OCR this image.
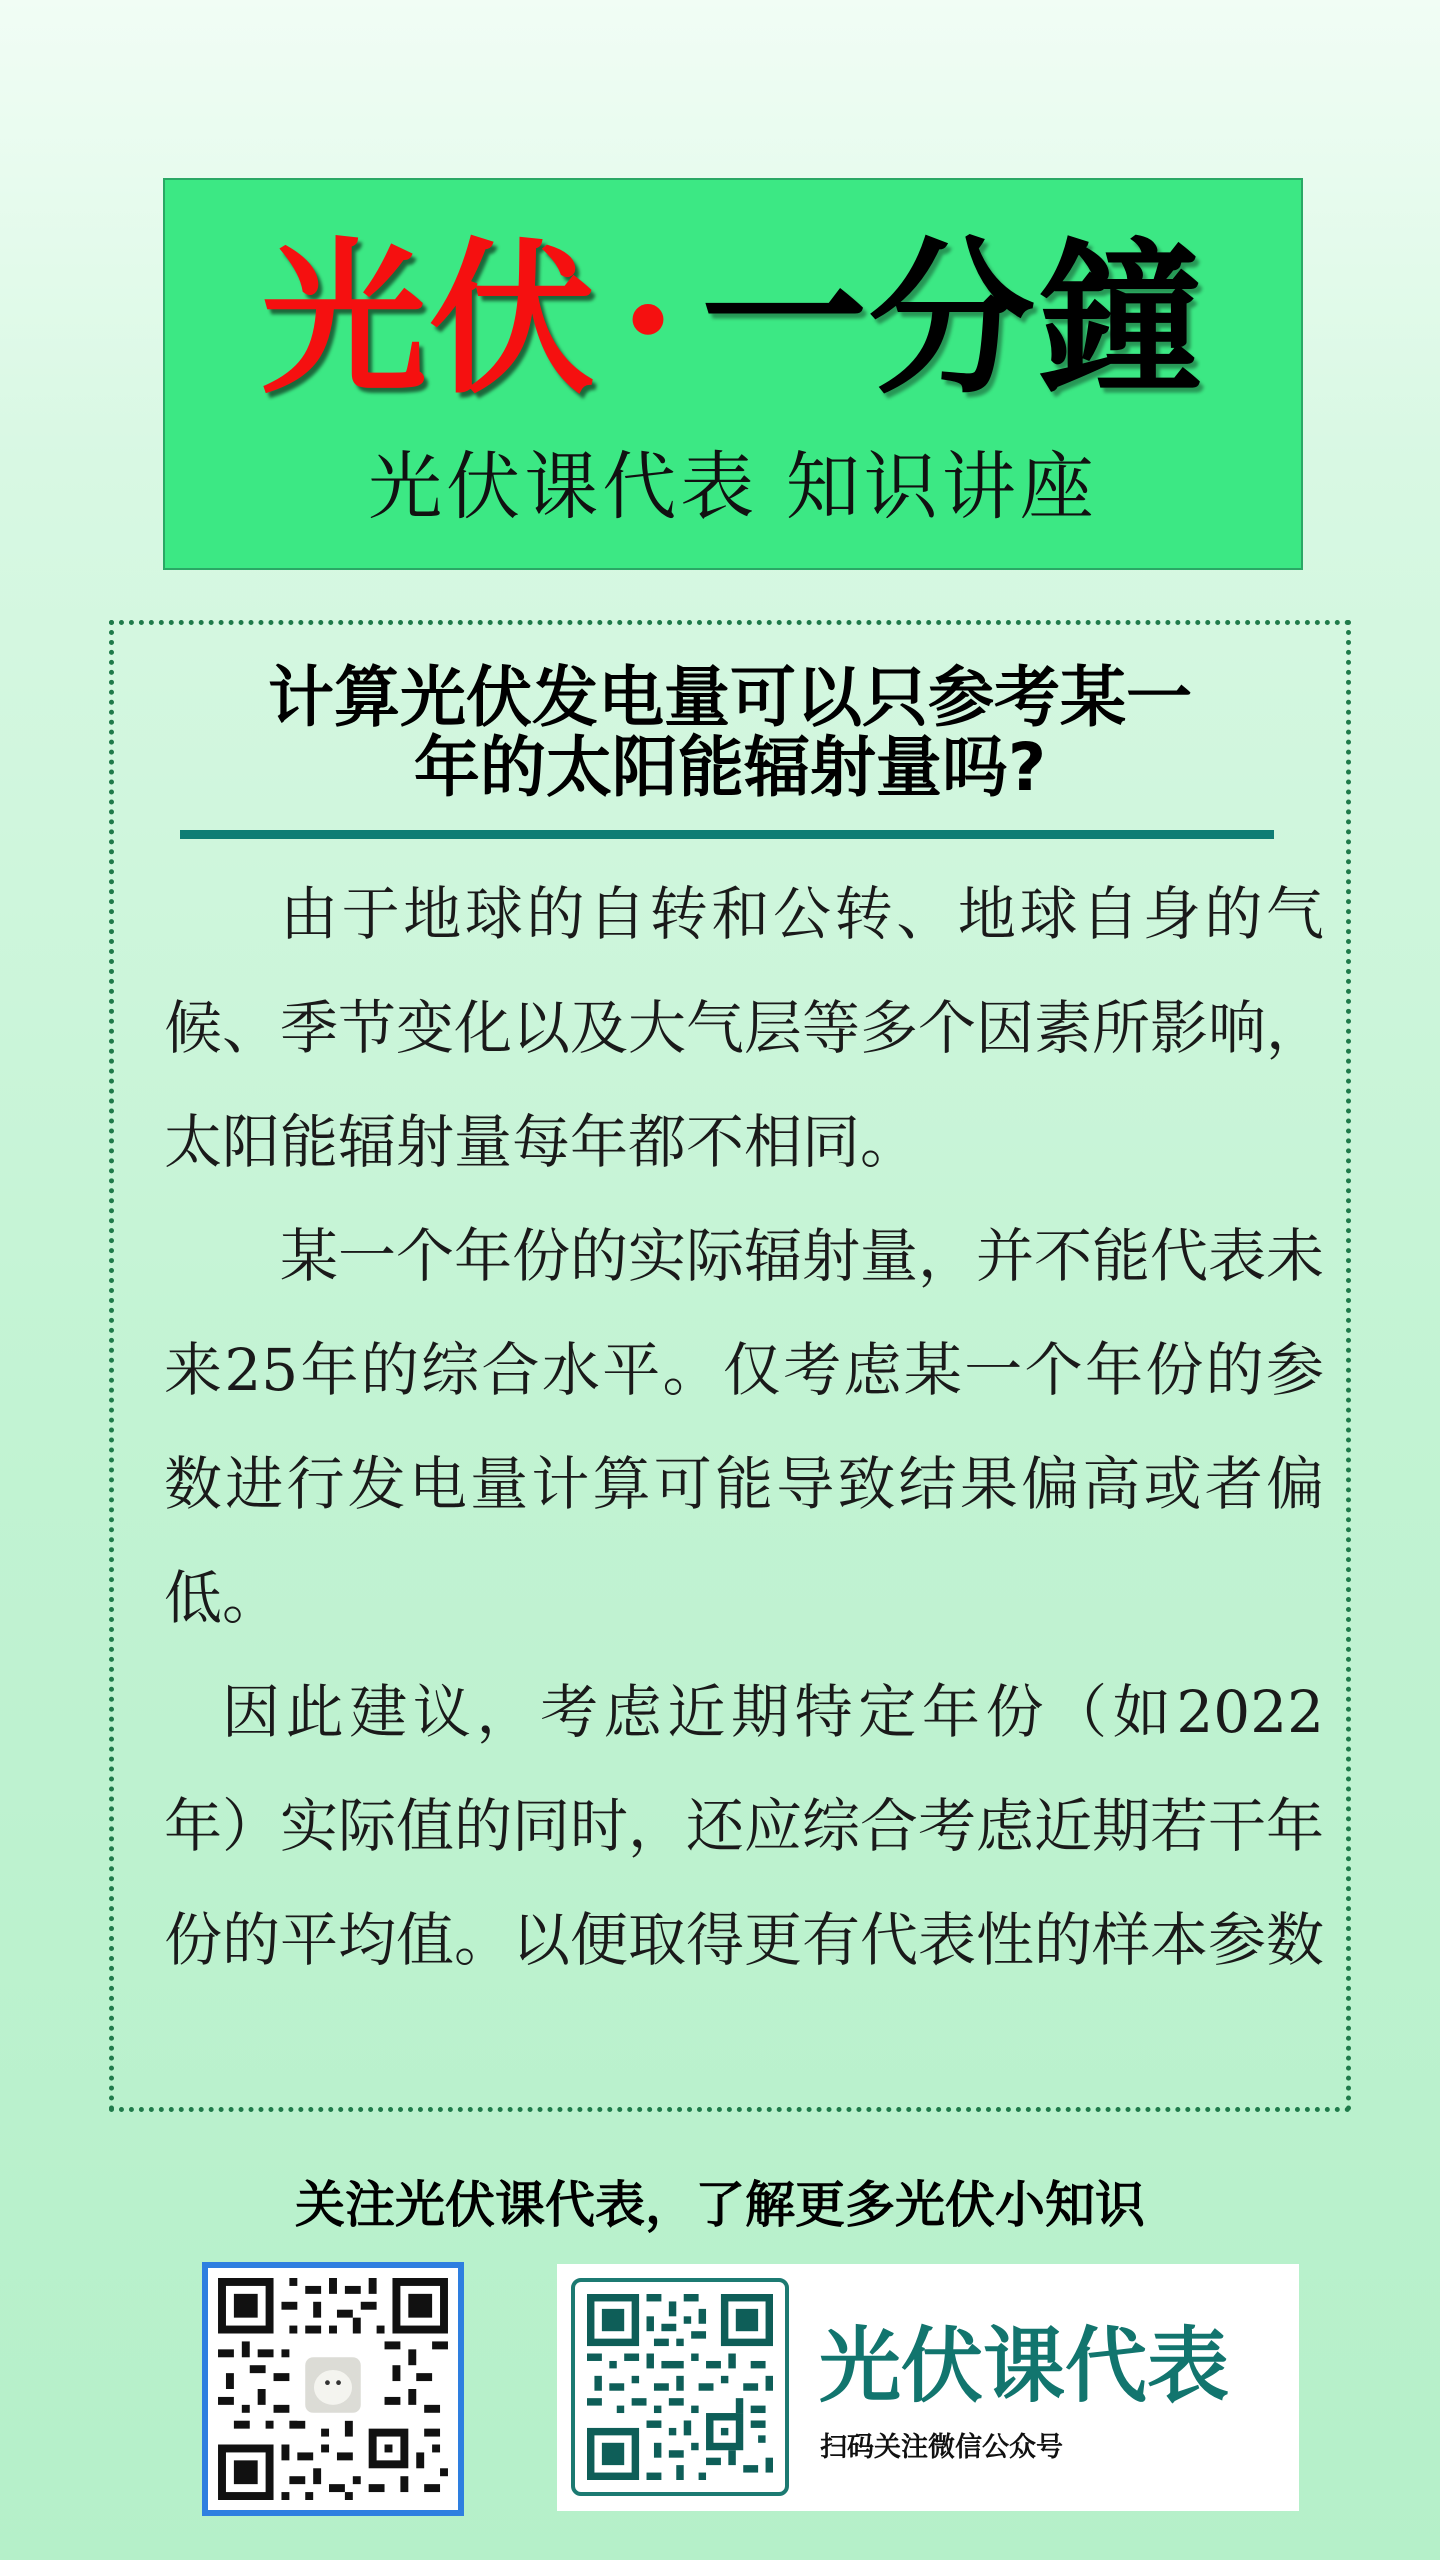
光伏 · 一分鐘
光伏课代表 知识讲座
计算光伏发电量可以只参考某一
年的太阳能辐射量吗?

由于地球的自转和公转、地球自身的气候、季节变化以及大气层等多个因素所影响，太阳能辐射量每年都不相同。

某一个年份的实际辐射量，并不能代表未来25年的综合水平。仅考虑某一个年份的参数进行发电量计算可能导致结果偏高或者偏低。

因此建议，考虑近期特定年份（如2022年）实际值的同时，还应综合考虑近期若干年份的平均值。以便取得更有代表性的样本参数

关注光伏课代表，了解更多光伏小知识
光伏课代表
扫码关注微信公众号
